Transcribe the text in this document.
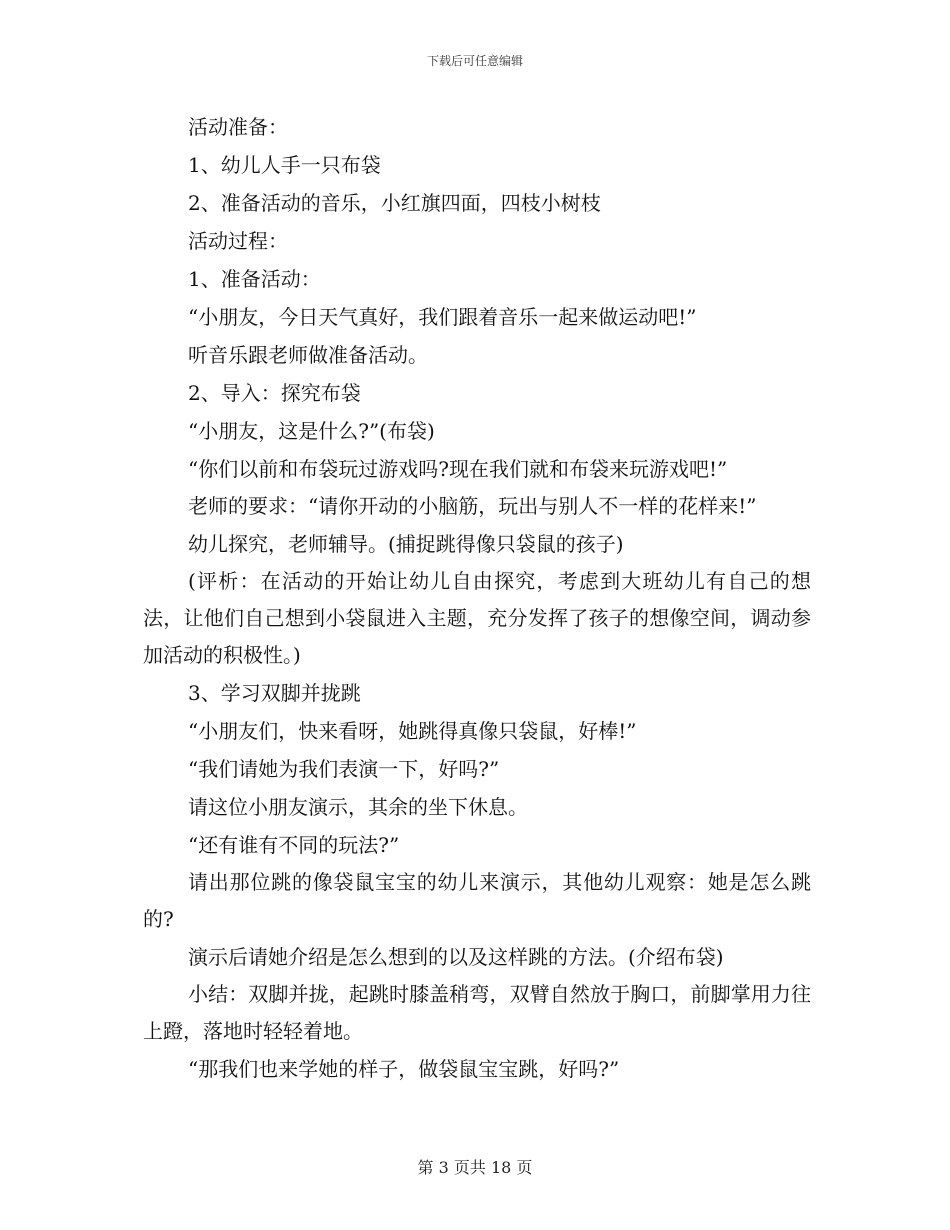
下载后可任意编辑

活动准备：

1、幼儿人手一只布袋

2、准备活动的音乐，小红旗四面，四枝小树枝

活动过程：

1、准备活动：

“小朋友，今日天气真好，我们跟着音乐一起来做运动吧!”

听音乐跟老师做准备活动。

2、导入：探究布袋

“小朋友，这是什么?”(布袋)

“你们以前和布袋玩过游戏吗?现在我们就和布袋来玩游戏吧!”

老师的要求：“请你开动的小脑筋，玩出与别人不一样的花样来!”

幼儿探究，老师辅导。(捕捉跳得像只袋鼠的孩子)

(评析：在活动的开始让幼儿自由探究，考虑到大班幼儿有自己的想法，让他们自己想到小袋鼠进入主题，充分发挥了孩子的想像空间，调动参加活动的积极性。)

3、学习双脚并拢跳

“小朋友们，快来看呀，她跳得真像只袋鼠，好棒!”

“我们请她为我们表演一下，好吗?”

请这位小朋友演示，其余的坐下休息。

“还有谁有不同的玩法?”

请出那位跳的像袋鼠宝宝的幼儿来演示，其他幼儿观察：她是怎么跳的?

演示后请她介绍是怎么想到的以及这样跳的方法。(介绍布袋)

小结：双脚并拢，起跳时膝盖稍弯，双臂自然放于胸口，前脚掌用力往上蹬，落地时轻轻着地。

“那我们也来学她的样子，做袋鼠宝宝跳，好吗?”

第 3 页共 18 页
